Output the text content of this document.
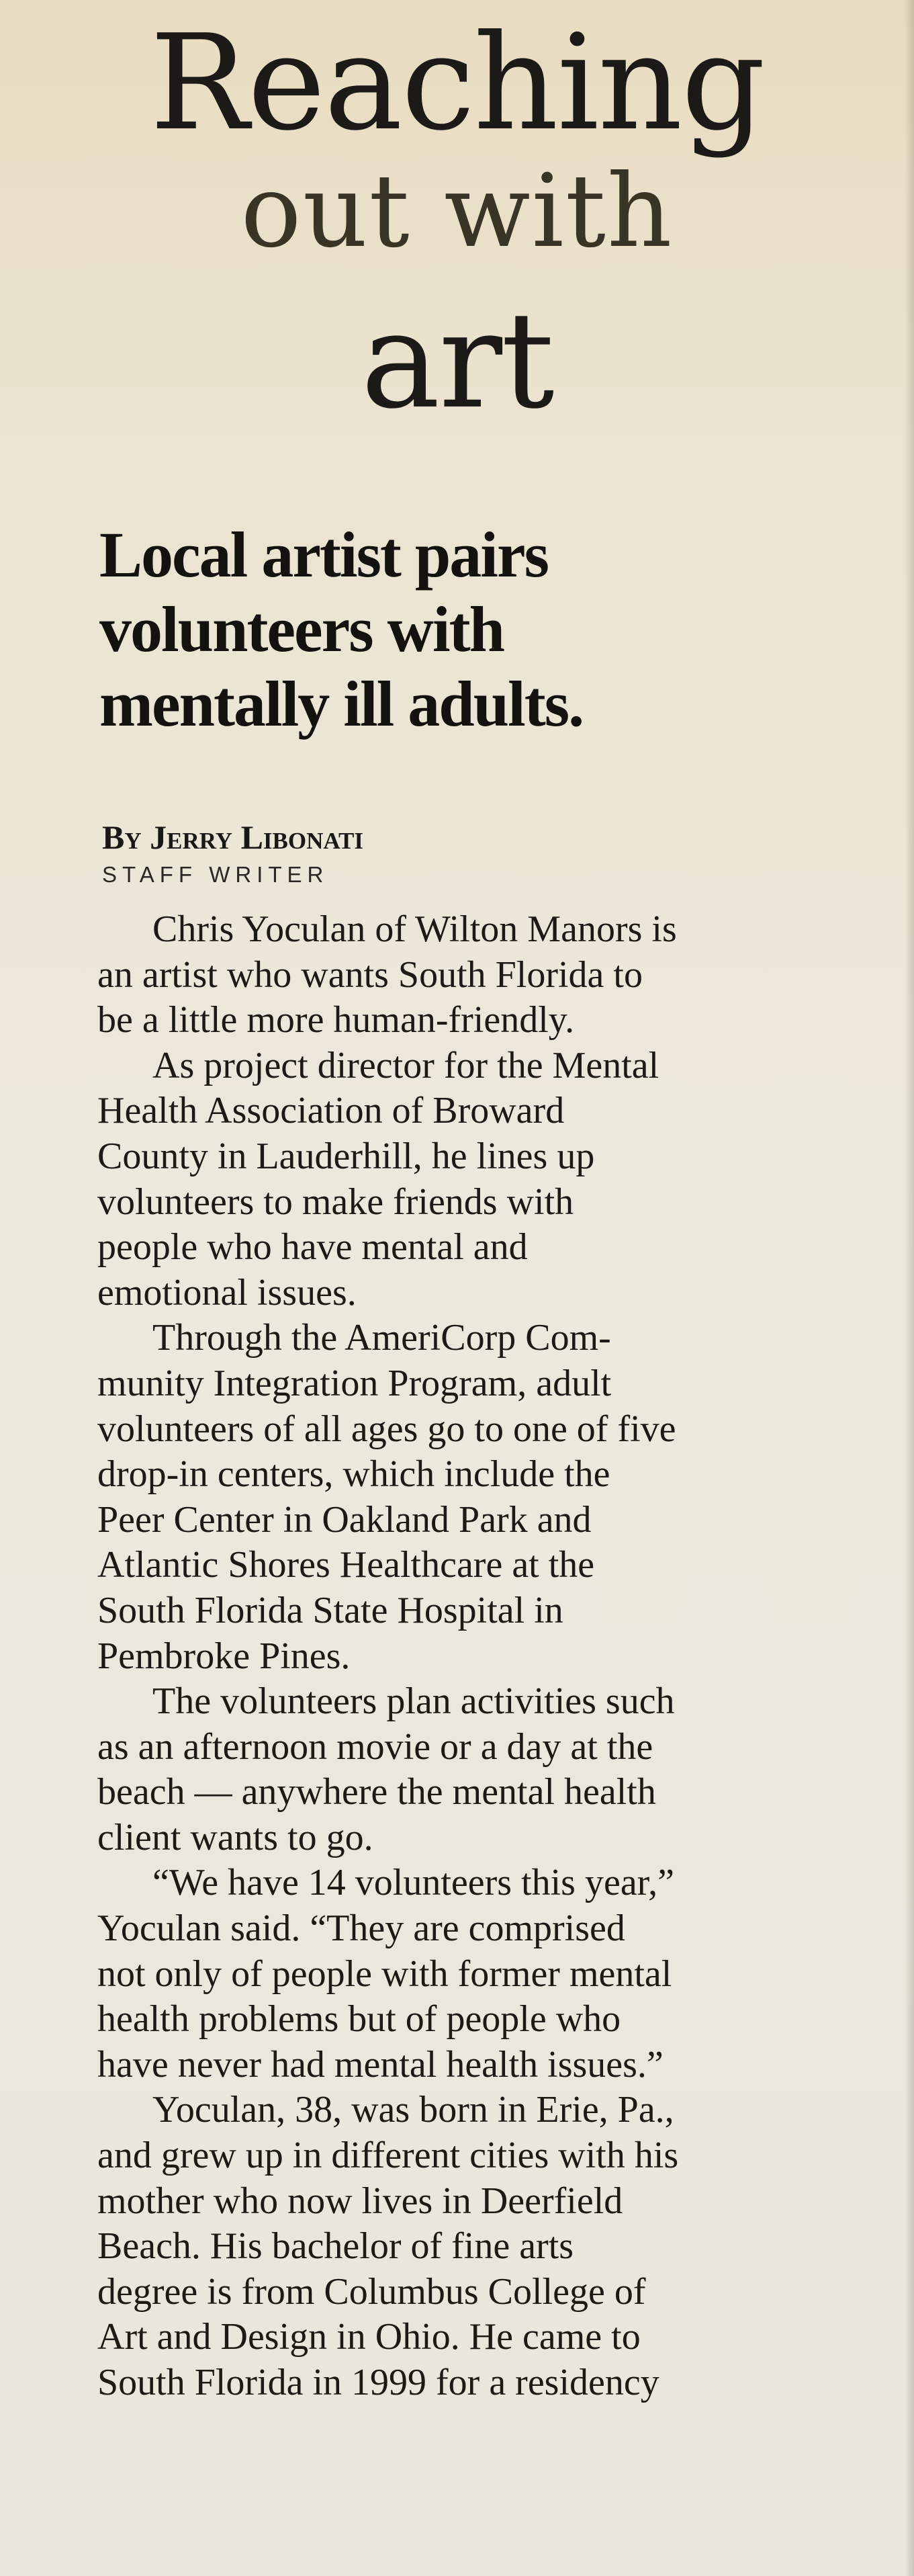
Reaching
out with
art
Local artist pairs
volunteers with
mentally ill adults.
By Jerry Libonati
STAFF WRITER
Chris Yoculan of Wilton Manors is
an artist who wants South Florida to
be a little more human-friendly.
As project director for the Mental
Health Association of Broward
County in Lauderhill, he lines up
volunteers to make friends with
people who have mental and
emotional issues.
Through the AmeriCorp Com-
munity Integration Program, adult
volunteers of all ages go to one of five
drop-in centers, which include the
Peer Center in Oakland Park and
Atlantic Shores Healthcare at the
South Florida State Hospital in
Pembroke Pines.
The volunteers plan activities such
as an afternoon movie or a day at the
beach — anywhere the mental health
client wants to go.
“We have 14 volunteers this year,”
Yoculan said. “They are comprised
not only of people with former mental
health problems but of people who
have never had mental health issues.”
Yoculan, 38, was born in Erie, Pa.,
and grew up in different cities with his
mother who now lives in Deerfield
Beach. His bachelor of fine arts
degree is from Columbus College of
Art and Design in Ohio. He came to
South Florida in 1999 for a residency
